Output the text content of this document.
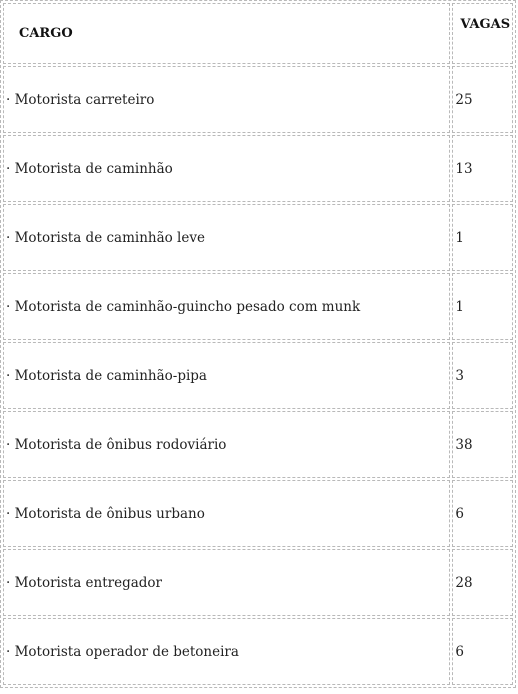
CARGO	VAGAS
· Motorista carreteiro	25
· Motorista de caminhão	13
· Motorista de caminhão leve	1
· Motorista de caminhão-guincho pesado com munk	1
· Motorista de caminhão-pipa	3
· Motorista de ônibus rodoviário	38
· Motorista de ônibus urbano	6
· Motorista entregador	28
· Motorista operador de betoneira	6
